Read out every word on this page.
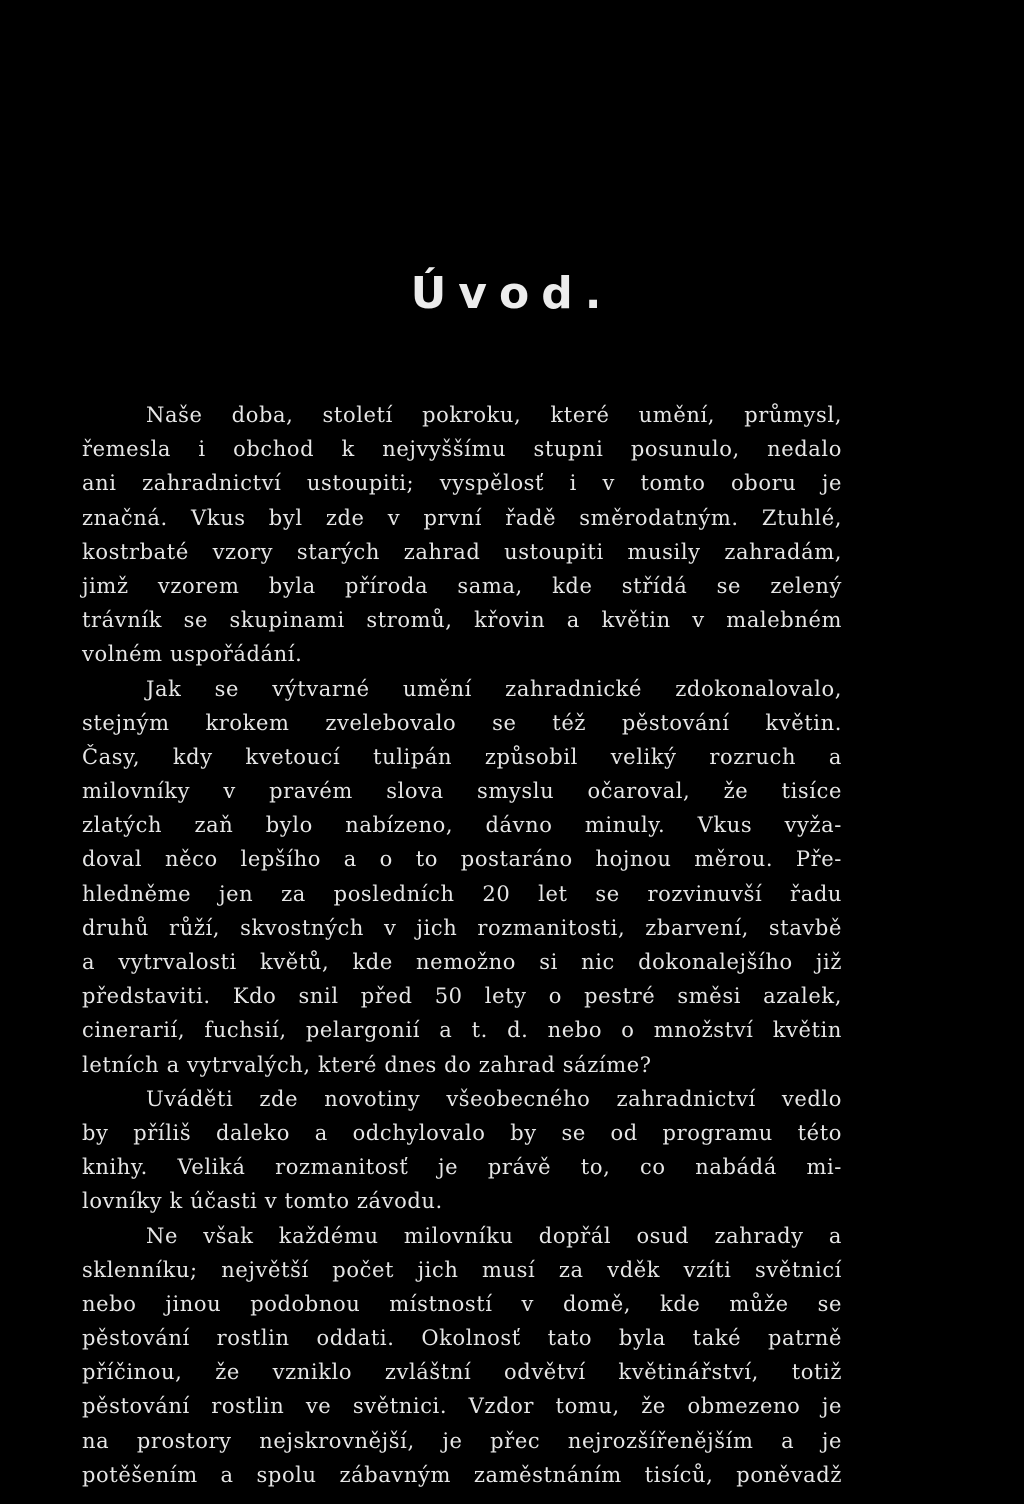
Úvod.
Naše doba, století pokroku, které umění, průmysl,
řemesla i obchod k nejvyššímu stupni posunulo, nedalo
ani zahradnictví ustoupiti; vyspělosť i v tomto oboru je
značná. Vkus byl zde v první řadě směrodatným. Ztuhlé,
kostrbaté vzory starých zahrad ustoupiti musily zahradám,
jimž vzorem byla příroda sama, kde střídá se zelený
trávník se skupinami stromů, křovin a květin v malebném
volném uspořádání.
Jak se výtvarné umění zahradnické zdokonalovalo,
stejným krokem zvelebovalo se též pěstování květin.
Časy, kdy kvetoucí tulipán způsobil veliký rozruch a
milovníky v pravém slova smyslu očaroval, že tisíce
zlatých zaň bylo nabízeno, dávno minuly. Vkus vyža-
doval něco lepšího a o to postaráno hojnou měrou. Pře-
hledněme jen za posledních 20 let se rozvinuvší řadu
druhů růží, skvostných v jich rozmanitosti, zbarvení, stavbě
a vytrvalosti květů, kde nemožno si nic dokonalejšího již
představiti. Kdo snil před 50 lety o pestré směsi azalek,
cinerarií, fuchsií, pelargonií a t. d. nebo o množství květin
letních a vytrvalých, které dnes do zahrad sázíme?
Uváděti zde novotiny všeobecného zahradnictví vedlo
by příliš daleko a odchylovalo by se od programu této
knihy. Veliká rozmanitosť je právě to, co nabádá mi-
lovníky k účasti v tomto závodu.
Ne však každému milovníku dopřál osud zahrady a
sklenníku; největší počet jich musí za vděk vzíti světnicí
nebo jinou podobnou místností v domě, kde může se
pěstování rostlin oddati. Okolnosť tato byla také patrně
příčinou, že vzniklo zvláštní odvětví květinářství, totiž
pěstování rostlin ve světnici. Vzdor tomu, že obmezeno je
na prostory nejskrovnější, je přec nejrozšířenějším a je
potěšením a spolu zábavným zaměstnáním tisíců, poněvadž
